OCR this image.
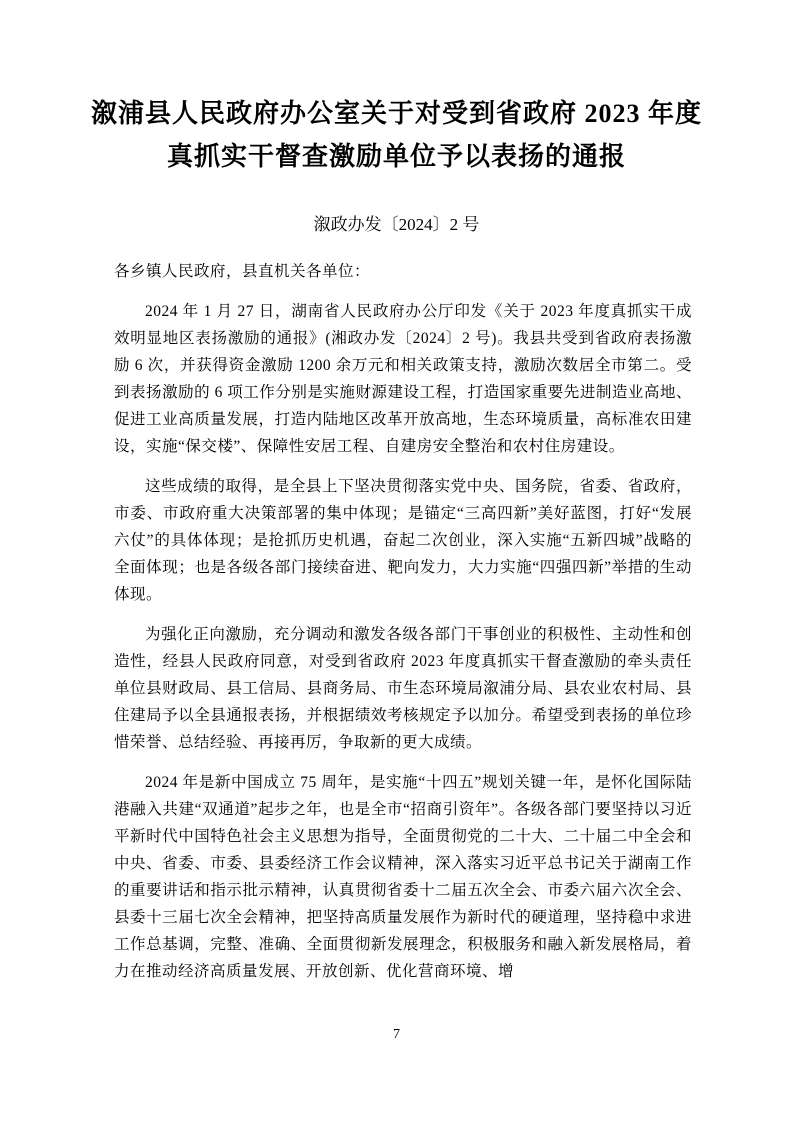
溆浦县人民政府办公室关于对受到省政府 2023 年度
真抓实干督查激励单位予以表扬的通报
溆政办发〔2024〕2 号

各乡镇人民政府，县直机关各单位：

2024 年 1 月 27 日，湖南省人民政府办公厅印发《关于 2023 年度真抓实干成效明显地区表扬激励的通报》(湘政办发〔2024〕2 号)。我县共受到省政府表扬激励 6 次，并获得资金激励 1200 余万元和相关政策支持，激励次数居全市第二。受到表扬激励的 6 项工作分别是实施财源建设工程，打造国家重要先进制造业高地、促进工业高质量发展，打造内陆地区改革开放高地，生态环境质量，高标准农田建设，实施“保交楼”、保障性安居工程、自建房安全整治和农村住房建设。

这些成绩的取得，是全县上下坚决贯彻落实党中央、国务院，省委、省政府，市委、市政府重大决策部署的集中体现；是锚定“三高四新”美好蓝图，打好“发展六仗”的具体体现；是抢抓历史机遇，奋起二次创业，深入实施“五新四城”战略的全面体现；也是各级各部门接续奋进、靶向发力，大力实施“四强四新”举措的生动体现。

为强化正向激励，充分调动和激发各级各部门干事创业的积极性、主动性和创造性，经县人民政府同意，对受到省政府 2023 年度真抓实干督查激励的牵头责任单位县财政局、县工信局、县商务局、市生态环境局溆浦分局、县农业农村局、县住建局予以全县通报表扬，并根据绩效考核规定予以加分。希望受到表扬的单位珍惜荣誉、总结经验、再接再厉，争取新的更大成绩。

2024 年是新中国成立 75 周年，是实施“十四五”规划关键一年，是怀化国际陆港融入共建“双通道”起步之年，也是全市“招商引资年”。各级各部门要坚持以习近平新时代中国特色社会主义思想为指导，全面贯彻党的二十大、二十届二中全会和中央、省委、市委、县委经济工作会议精神，深入落实习近平总书记关于湖南工作的重要讲话和指示批示精神，认真贯彻省委十二届五次全会、市委六届六次全会、县委十三届七次全会精神，把坚持高质量发展作为新时代的硬道理，坚持稳中求进工作总基调，完整、准确、全面贯彻新发展理念，积极服务和融入新发展格局，着力在推动经济高质量发展、开放创新、优化营商环境、增

7
